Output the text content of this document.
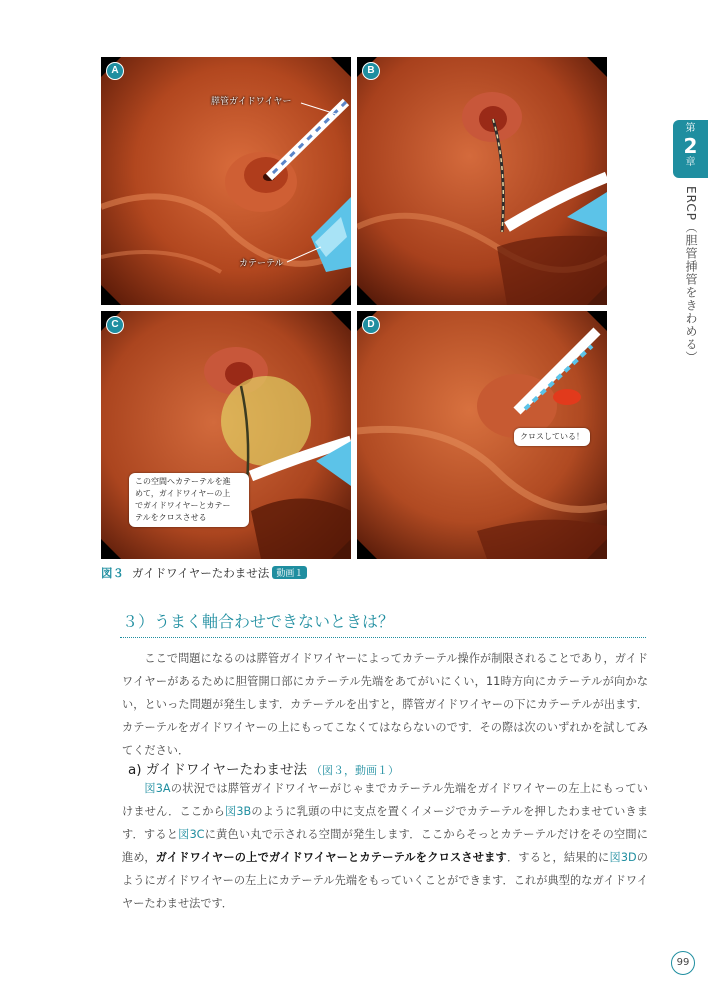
A
膵管ガイドワイヤー
カテーテル
B
C
この空間へカテーテルを進
めて，ガイドワイヤーの上
でガイドワイヤーとカテー
テルをクロスさせる
D
クロスしている！
図３ ガイドワイヤーたわませ法 動画１
第
2
章
ERCP（胆管挿管をきわめる）
３）うまく軸合わせできないときは？

ここで問題になるのは膵管ガイドワイヤーによってカテーテル操作が制限されることであり，ガイドワイヤーがあるために胆管開口部にカテーテル先端をあてがいにくい，11時方向にカテーテルが向かない，といった問題が発生します．カテーテルを出すと，膵管ガイドワイヤーの下にカテーテルが出ます．カテーテルをガイドワイヤーの上にもってこなくてはならないのです．その際は次のいずれかを試してみてください．

a) ガイドワイヤーたわませ法 （図３，動画１）

図3Aの状況では膵管ガイドワイヤーがじゃまでカテーテル先端をガイドワイヤーの左上にもっていけません．ここから図3Bのように乳頭の中に支点を置くイメージでカテーテルを押したわませていきます．すると図3Cに黄色い丸で示される空間が発生します．ここからそっとカテーテルだけをその空間に進め，ガイドワイヤーの上でガイドワイヤーとカテーテルをクロスさせます．すると，結果的に図3Dのようにガイドワイヤーの左上にカテーテル先端をもっていくことができます．これが典型的なガイドワイヤーたわませ法です．

99
